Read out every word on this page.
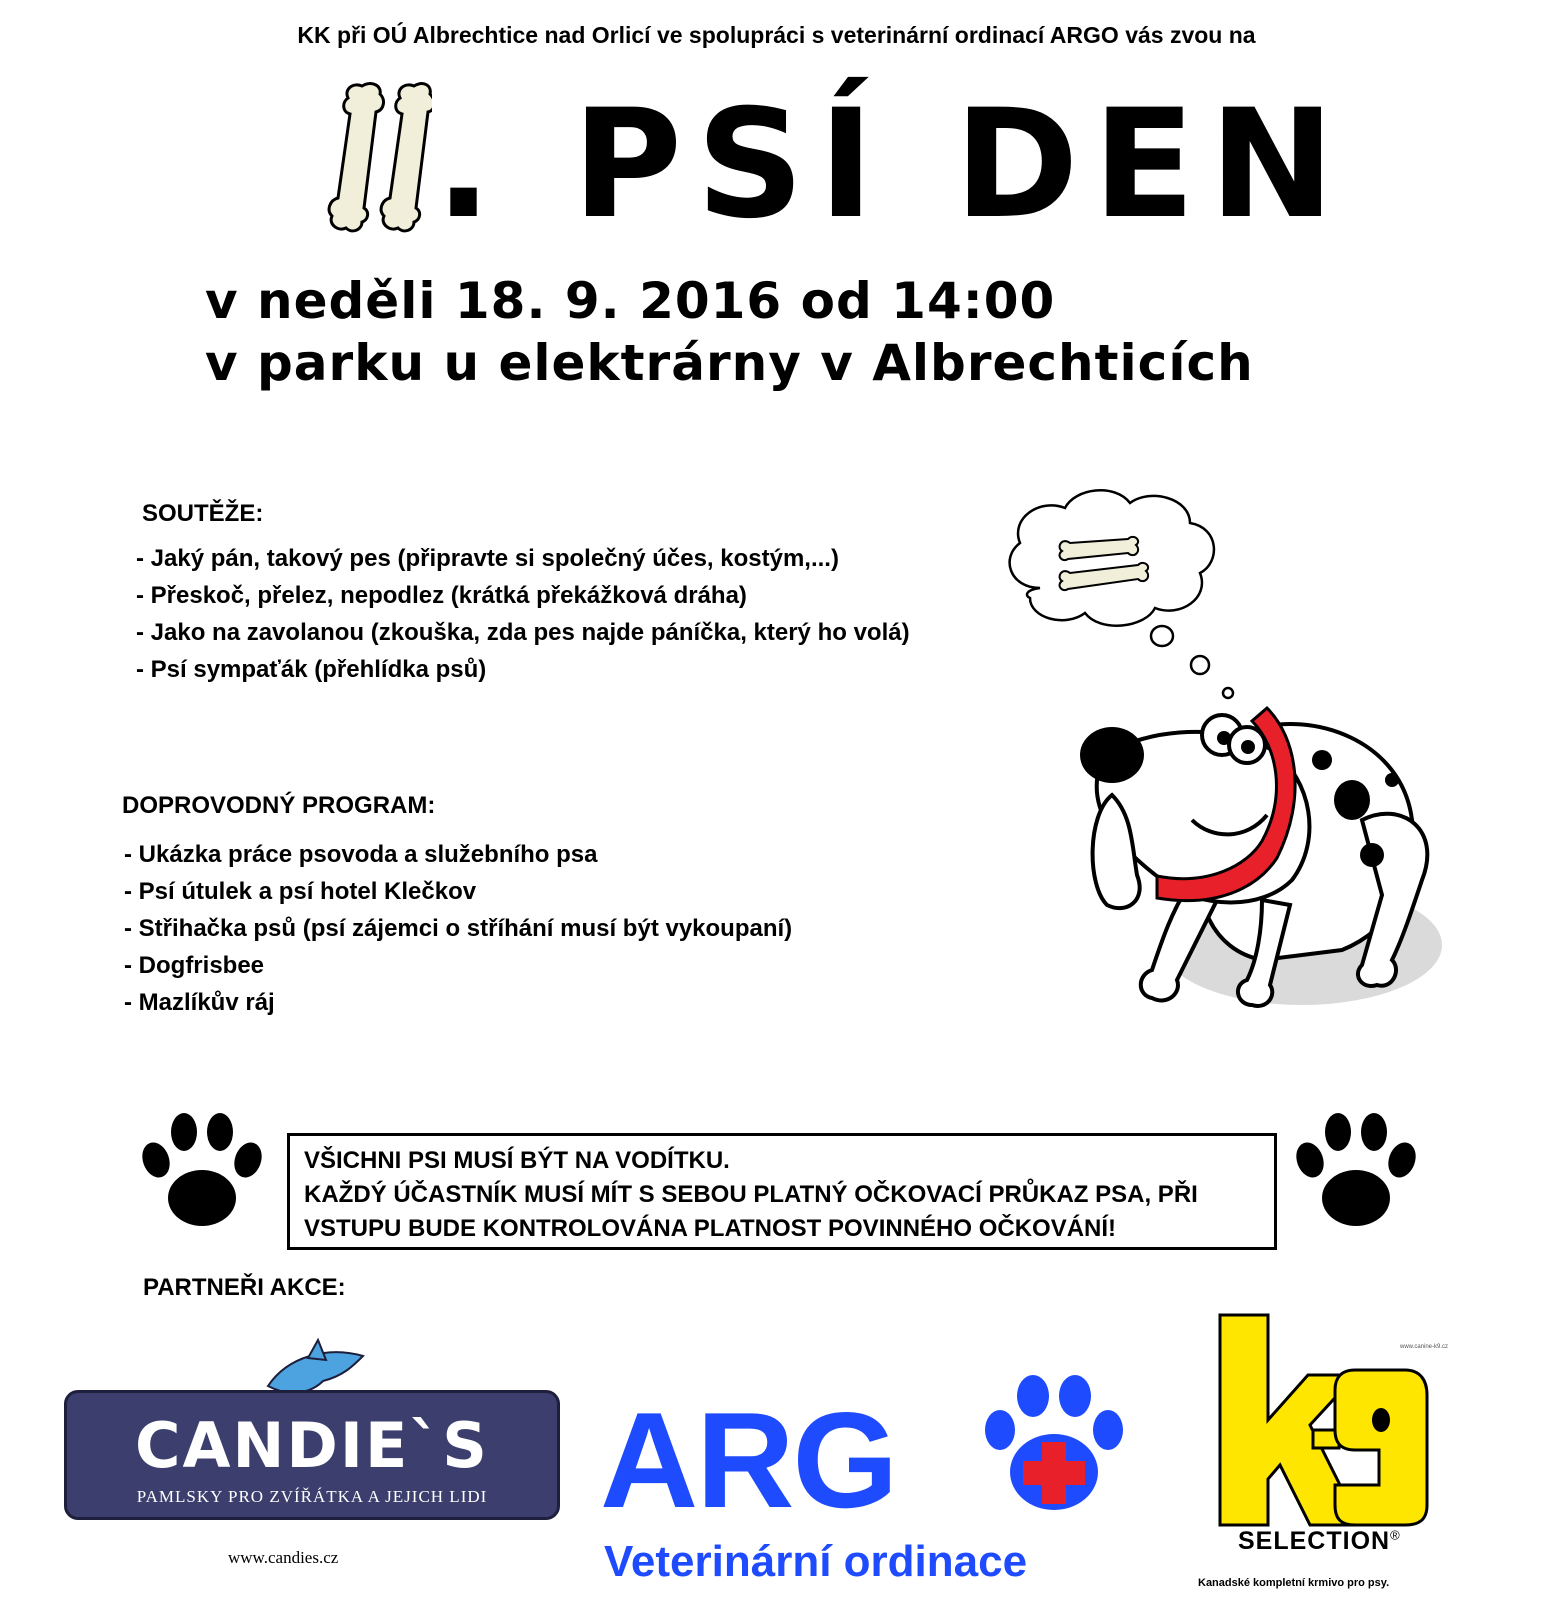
KK při OÚ Albrechtice nad Orlicí ve spolupráci s veterinární ordinací ARGO vás zvou na
. PSÍ DEN
v neděli 18. 9. 2016 od 14:00
v parku u elektrárny v Albrechticích
SOUTĚŽE:
- Jaký pán, takový pes (připravte si společný účes, kostým,...)
- Přeskoč, přelez, nepodlez (krátká překážková dráha)
- Jako na zavolanou (zkouška, zda pes najde páníčka, který ho volá)
- Psí sympaťák (přehlídka psů)
DOPROVODNÝ PROGRAM:
- Ukázka práce psovoda a služebního psa
- Psí útulek a psí hotel Klečkov
- Střihačka psů (psí zájemci o stříhání musí být vykoupaní)
- Dogfrisbee
- Mazlíkův ráj
VŠICHNI PSI MUSÍ BÝT NA VODÍTKU.
KAŽDÝ ÚČASTNÍK MUSÍ MÍT S SEBOU PLATNÝ OČKOVACÍ PRŮKAZ PSA, PŘI
VSTUPU BUDE KONTROLOVÁNA PLATNOST POVINNÉHO OČKOVÁNÍ!
PARTNEŘI AKCE:
CANDIE`S
PAMLSKY PRO ZVÍŘÁTKA A JEJICH LIDI
www.candies.cz
ARG
Veterinární ordinace
www.canine-k9.cz
SELECTION®
Kanadské kompletní krmivo pro psy.
